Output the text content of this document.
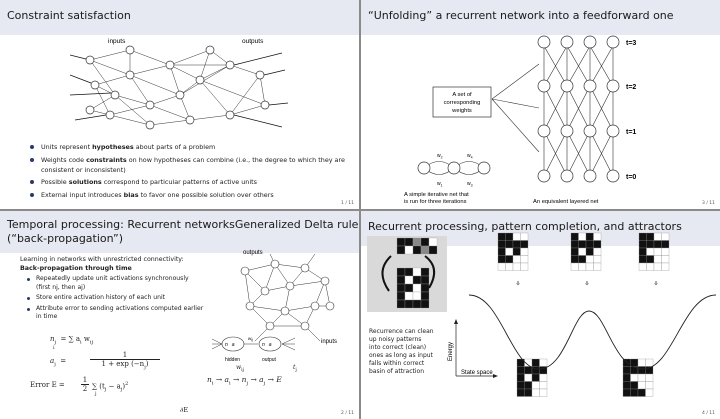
Constraint satisfaction
inputs	outputs
Units represent hypotheses about parts of a problem
Weights code constraints on how hypotheses can combine (i.e., the degree to which they are consistent or inconsistent)
Possible solutions correspond to particular patterns of active units
External input introduces bias to favor one possible solution over others
1 / 11
“Unfolding” a recurrent network into a feedforward one
A set of
corresponding
weights
t=3
t=2
t=1
t=0
$w_2$	$w_4$
$w_1$	$w_3$
A simple iterative net that
is run for three iterations	An equivalent layered net	3 / 11
Temporal processing: Recurrent networksGeneralized Delta rule (“back-propagation”)
Learning in networks with unrestricted connectivity:
Back-propagation through time
Repeatedly update unit activations synchronously (first nj, then aj)
Store entire activation history of each unit
Attribute error to sending activations computed earlier in time
$n_j$ = ∑ $a_i$ $w_{iji}$
$a_j$  =
1
$1 + \exp (-n_j)$
Error E =
1
2 ∑ $(t_j - a_j)^2$
j
outputs
inputs
n a	n a
$w_{ij}$
hidden	output
$w_{ij}$	$t_j$
$n_i \to a_i \to n_j \to a_j \to E$
∂E	2 / 11
Recurrent processing, pattern completion, and attractors
Energy
State space
⇩	⇩	⇩
Recurrence can clean
up noisy patterns
into correct (clean)
ones as long as input
falls within correct
basin of attraction
4 / 11
